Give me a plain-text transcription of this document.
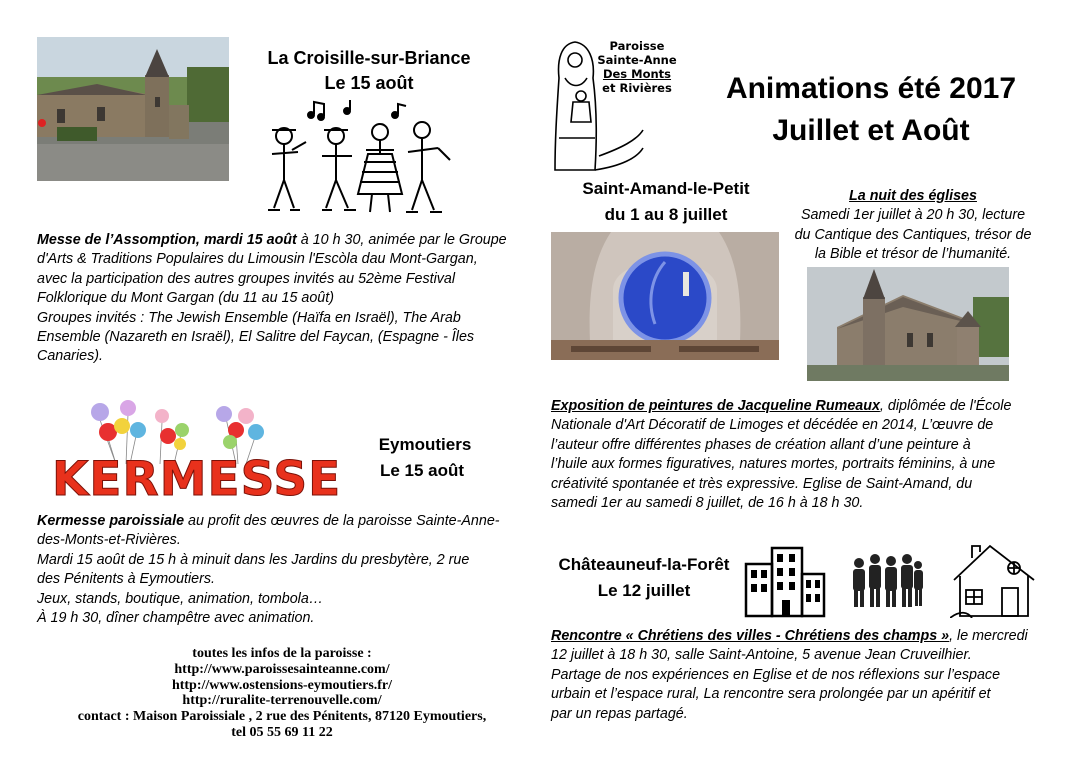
La Croisille-sur-Briance
Le 15 août
Messe de l’Assomption, mardi 15 août à 10 h 30, animée par le Groupe
d'Arts & Traditions Populaires du Limousin l'Escòla dau Mont-Gargan,
avec la participation des autres groupes invités au 52ème Festival
Folklorique du Mont Gargan (du 11 au 15 août)
Groupes invités : The Jewish Ensemble (Haïfa en Israël), The Arab
Ensemble (Nazareth en Israël), El Salitre del Faycan, (Espagne - Îles
Canaries).
Paroisse
Sainte-Anne
Des Monts
et Rivières	Animations été 2017
Juillet et Août
Saint-Amand-le-Petit
du 1 au 8 juillet
La nuit des églises
Samedi 1er juillet à 20 h 30, lecture
du Cantique des Cantiques, trésor de
la Bible et trésor de l’humanité.
Exposition de peintures de Jacqueline Rumeaux, diplômée de l'École
Nationale d'Art Décoratif de Limoges et décédée en 2014, L’œuvre de
l’auteur offre différentes phases de création allant d’une peinture à
l’huile aux formes figuratives, natures mortes, portraits féminins, à une
créativité spontanée et très expressive. Eglise de Saint-Amand, du
samedi 1er au samedi 8 juillet, de 16 h à 18 h 30.
KERMESSE
Eymoutiers
Le 15 août
Kermesse paroissiale au profit des œuvres de la paroisse Sainte-Anne-
des-Monts-et-Rivières.
Mardi 15 août de 15 h à minuit dans les Jardins du presbytère, 2 rue
des Pénitents à Eymoutiers.
Jeux, stands, boutique, animation, tombola…
À 19 h 30, dîner champêtre avec animation.
Châteauneuf-la-Forêt
Le 12 juillet
Rencontre « Chrétiens des villes - Chrétiens des champs », le mercredi
12 juillet à 18 h 30, salle Saint-Antoine, 5 avenue Jean Cruveilhier.
Partage de nos expériences en Eglise et de nos réflexions sur l’espace
urbain et l’espace rural, La rencontre sera prolongée par un apéritif et
par un repas partagé.
toutes les infos de la paroisse :
http://www.paroissesainteanne.com/
http://www.ostensions-eymoutiers.fr/
http://ruralite-terrenouvelle.com/
contact : Maison Paroissiale , 2 rue des Pénitents, 87120 Eymoutiers,
tel 05 55 69 11 22
